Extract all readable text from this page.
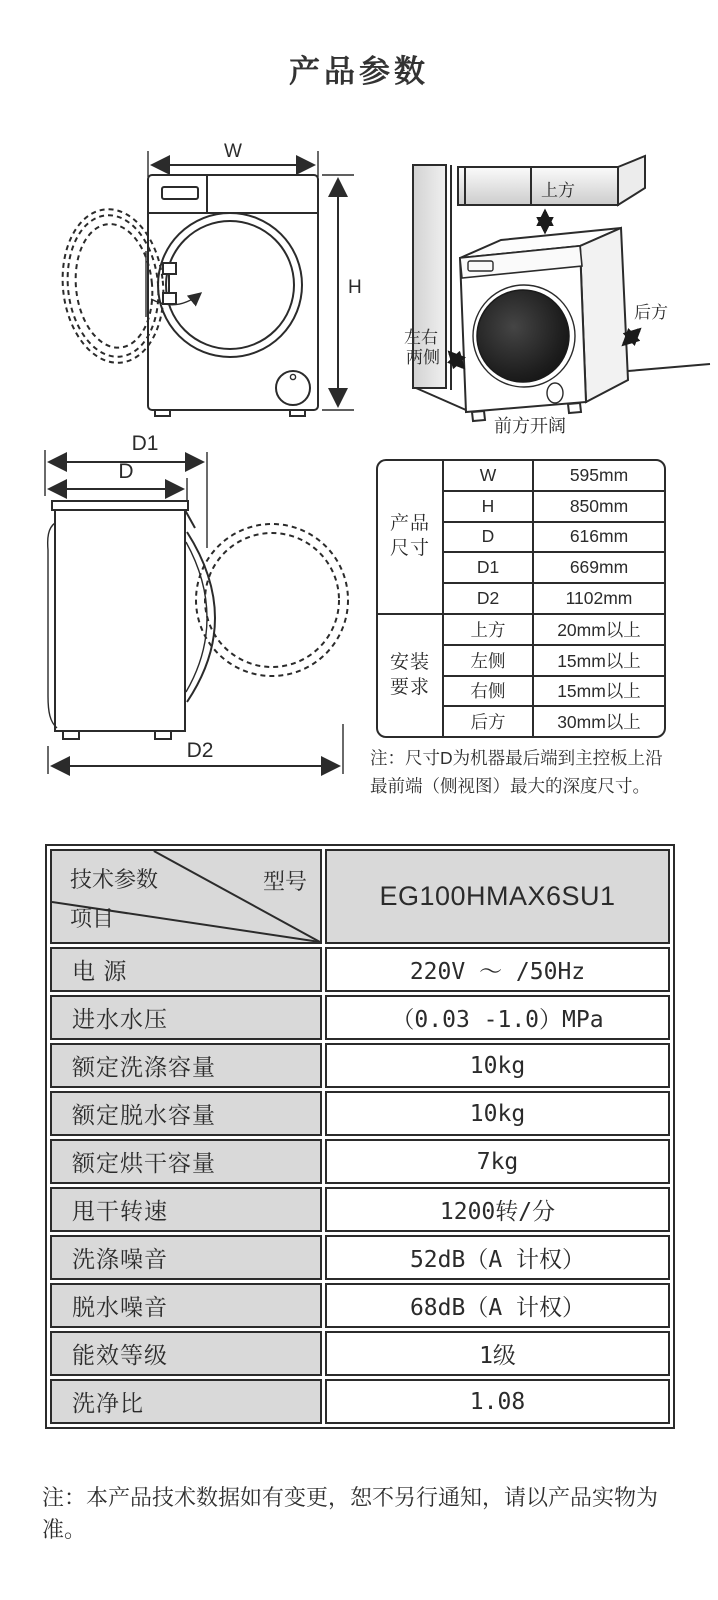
产品参数
W
H
上方
后方
左右
两侧
前方开阔
D1
D
D2
产品
尺寸
W	595mm
H	850mm
D	616mm
D1	669mm
D2	1102mm
安装
要求
上方	20mm以上
左侧	15mm以上
右侧	15mm以上
后方	30mm以上
注：尺寸D为机器最后端到主控板上沿最前端（侧视图）最大的深度尺寸。
技术参数 型号
项目	EG100HMAX6SU1
电 源	220V ～ /50Hz
进水水压	（0.03 -1.0）MPa
额定洗涤容量	10kg
额定脱水容量	10kg
额定烘干容量	7kg
甩干转速	1200转/分
洗涤噪音	52dB（A 计权）
脱水噪音	68dB（A 计权）
能效等级	1级
洗净比	1.08
注：本产品技术数据如有变更，恕不另行通知，请以产品实物为准。
